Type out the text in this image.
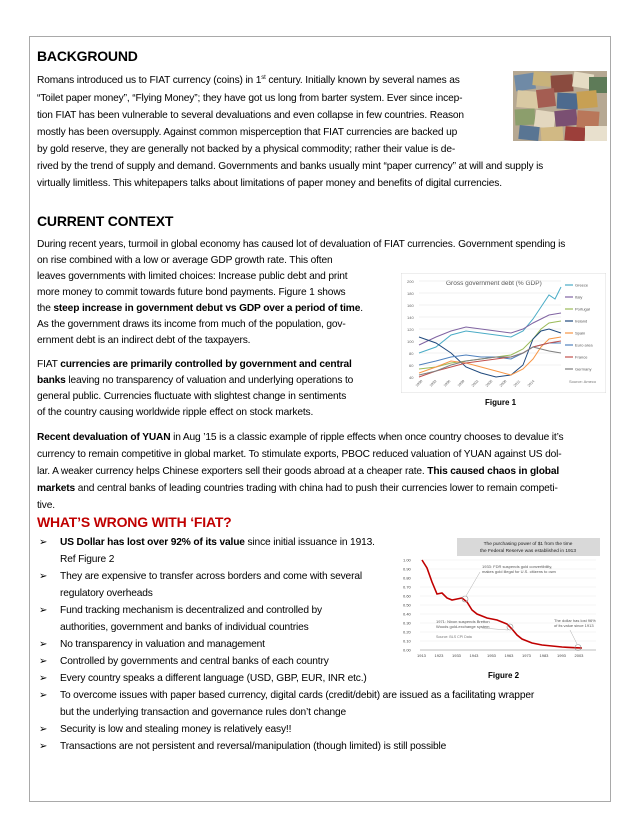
BACKGROUND
Romans introduced us to FIAT currency (coins) in 1st century. Initially known by several names as
“Toilet paper money”, “Flying Money”; they have got us long from barter system. Ever since incep-
tion FIAT has been vulnerable to several devaluations and even collapse in few countries. Reason
mostly has been oversupply. Against common misperception that FIAT currencies are backed up
by gold reserve, they are generally not backed by a physical commodity; rather their value is de-
rived by the trend of supply and demand. Governments and banks usually mint “paper currency” at will and supply is
virtually limitless. This whitepapers talks about limitations of paper money and benefits of digital currencies.
CURRENT CONTEXT
During recent years, turmoil in global economy has caused lot of devaluation of FIAT currencies. Government spending is
on rise combined with a low or average GDP growth rate. This often
leaves governments with limited choices: Increase public debt and print
more money to commit towards future bond payments. Figure 1 shows
the steep increase in government debut vs GDP over a period of time.
As the government draws its income from much of the population, gov-
ernment debt is an indirect debt of the taxpayers.
FIAT currencies are primarily controlled by government and central
banks leaving no transparency of valuation and underlying operations to
general public. Currencies fluctuate with slightest change in sentiments
of the country causing worldwide ripple effect on stock markets.
Gross government debt (% GDP)
200
180
160
140
120
100
80
60
40
1990 1993 1996 1999 2002 2005 2008 2011 2014
Greece
Italy
Portugal
Ireland
Spain
Euro area
France
Germany
Source: Ameco
Figure 1
Recent devaluation of YUAN in Aug ’15 is a classic example of ripple effects when once country chooses to devalue it’s
currency to remain competitive in global market. To stimulate exports, PBOC reduced valuation of YUAN against US dol-
lar. A weaker currency helps Chinese exporters sell their goods abroad at a cheaper rate. This caused chaos in global
markets and central banks of leading countries trading with china had to push their currencies lower to remain competi-
tive.
WHAT’S WRONG WITH ‘FIAT?
➢ US Dollar has lost over 92% of its value since initial issuance in 1913.
Ref Figure 2
➢ They are expensive to transfer across borders and come with several
regulatory overheads
➢ Fund tracking mechanism is decentralized and controlled by
authorities, government and banks of individual countries
➢ No transparency in valuation and management
➢ Controlled by governments and central banks of each country
➢ Every country speaks a different language (USD, GBP, EUR, INR etc.)
➢ To overcome issues with paper based currency, digital cards (credit/debit) are issued as a facilitating wrapper
but the underlying transaction and governance rules don’t change
➢ Security is low and stealing money is relatively easy!!
➢ Transactions are not persistent and reversal/manipulation (though limited) is still possible
The purchasing power of $1 from the time
the Federal Reserve was established in 1913
1.00
0.90
0.80
0.70
0.60
0.50
0.40
0.30
0.20
0.10
0.00
1913 1923 1933 1943 1953 1963 1973 1983 1993 2003
1933: FDR suspends gold convertibility,
makes gold illegal for U.S. citizens to own
1971: Nixon suspends Bretton
Woods gold-exchange system
The dollar has lost 96%
of its value since 1913
Source: BLS CPI Data
Figure 2
